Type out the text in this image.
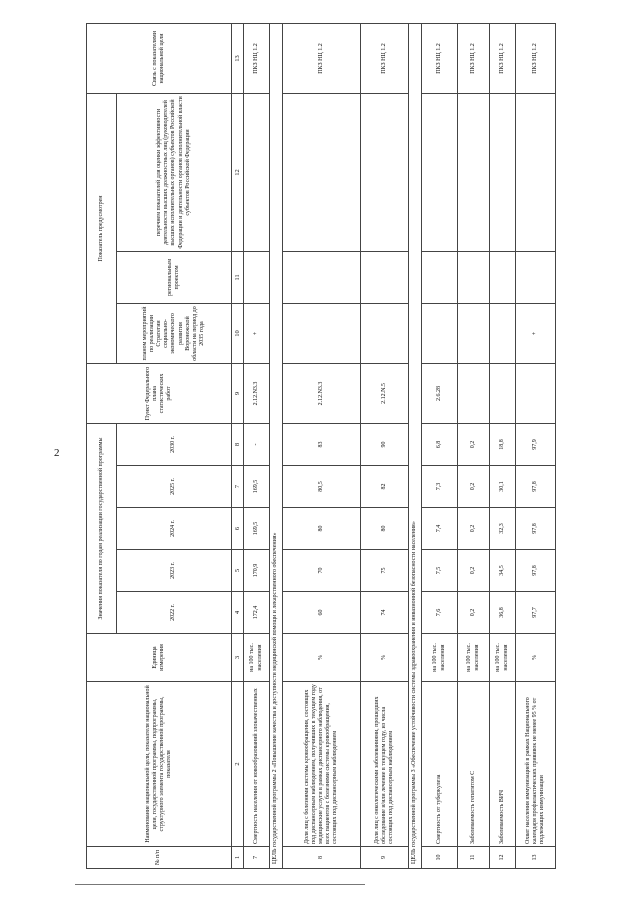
2
№ п/п	Наименование национальной цели, показателя национальной цели, государственной программы, подпрограммы, структурного элемента государственной программы, показателя	Единица измерения	Значения показателя по годам реализации государственной программы					Пункт Федерального плана статистических работ	Показатель предусмотрен			Связь с показателями национальной цели
			2022 г.	2023 г.	2024 г.	2025 г.	2030 г.		планом мероприятий по реализации Стратегии социально-экономического развития Воронежской области на период до 2035 года	региональным проектом	перечнем показателей для оценки эффективности деятельности высших должностных лиц (руководителей высших исполнительных органов) субъектов Российской Федерации и деятельности органов исполнительной власти субъектов Российской Федерации	
1	2	3	4	5	6	7	8	9	10	11	12	13
7	Смертность населения от новообразований злокачественных	на 100 тыс. населения	172,4	170,9	169,5	169,5	-	2.12.N3.3	+			ПКЗ НЦ 1.2
ЦЕЛЬ государственной программы 2 «Повышение качества и доступности медицинской помощи и лекарственного обеспечения»												
8	Доля лиц с болезнями системы кровообращения, состоящих под диспансерным наблюдением, получивших в текущем году медицинские услуги в рамках диспансерного наблюдения, от всех пациентов с болезнями системы кровообращения, состоящих под диспансерным наблюдением	%	60	70	80	80,5	83	2.12.N3.3				ПКЗ НЦ 1.2
9	Доля лиц с онкологическими заболеваниями, прошедших обследование и/или лечение в текущем году, из числа состоящих под диспансерным наблюдением	%	74	75	80	82	90	2.12.N.5				ПКЗ НЦ 1.2
ЦЕЛЬ государственной программы 3 «Обеспечение устойчивости системы здравоохранения и инвазионной безопасности населения»												
10	Смертность от туберкулеза	на 100 тыс. населения	7,6	7,5	7,4	7,3	6,8	2.6.28				ПКЗ НЦ 1.2
11	Заболеваемость гепатитом С	на 100 тыс. населения	0,2	0,2	0,2	0,2	0,2					ПКЗ НЦ 1.2
12	Заболеваемость ВИЧ	на 100 тыс. населения	36,8	34,5	32,3	30,1	18,8					ПКЗ НЦ 1.2
13	Охват населения иммунизацией в рамках Национального календаря профилактических прививок не менее 95 % от подлежащих иммунизации	%	97,7	97,8	97,8	97,8	97,9		+			ПКЗ НЦ 1.2
